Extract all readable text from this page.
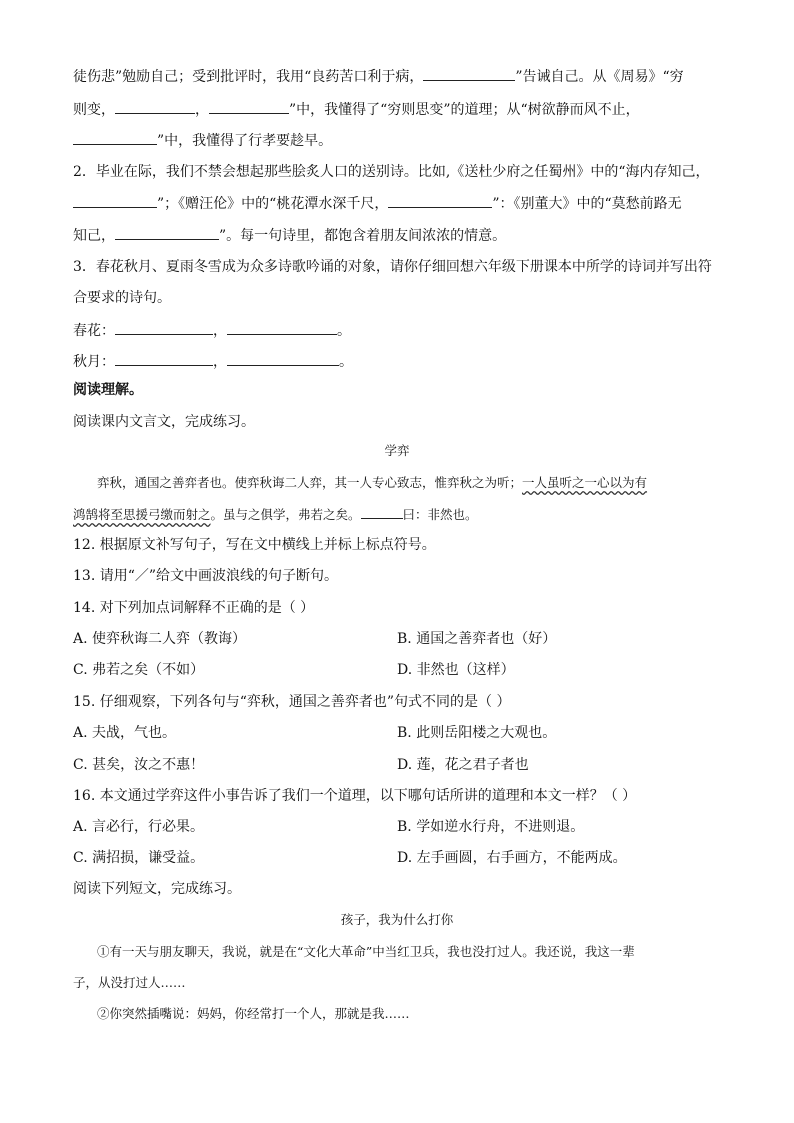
徒伤悲”勉励自己；受到批评时，我用“良药苦口利于病，	”告诫自己。从《周易》“穷
则变，	，	”中，我懂得了“穷则思变”的道理；从“树欲静而风不止，
”中，我懂得了行孝要趁早。
2．毕业在际，我们不禁会想起那些脍炙人口的送别诗。比如,《送杜少府之任蜀州》中的“海内存知己，
”；《赠汪伦》中的“桃花潭水深千尺，	”：《别董大》中的“莫愁前路无
知己，	”。每一句诗里，都饱含着朋友间浓浓的情意。
3．春花秋月、夏雨冬雪成为众多诗歌吟诵的对象，请你仔细回想六年级下册课本中所学的诗词并写出符
合要求的诗句。
春花：	，	。
秋月：	，	。
阅读理解。
阅读课内文言文，完成练习。
学弈
弈秋，通国之善弈者也。使弈秋诲二人弈，其一人专心致志，惟弈秋之为听；一人虽听之一心以为有
鸿鹄将至思援弓缴而射之。虽与之俱学，弗若之矣。	曰：非然也。
12. 根据原文补写句子，写在文中横线上并标上标点符号。
13. 请用“／”给文中画波浪线的句子断句。
14. 对下列加点词解释不正确的是（ ）
A. 使弈秋诲二人弈（教诲）	B. 通国之善弈者也（好）
C. 弗若之矣（不如）	D. 非然也（这样）
15. 仔细观察，下列各句与“弈秋，通国之善弈者也”句式不同的是（ ）
A. 夫战，气也。	B. 此则岳阳楼之大观也。
C. 甚矣，汝之不惠！	D. 莲，花之君子者也
16. 本文通过学弈这件小事告诉了我们一个道理，以下哪句话所讲的道理和本文一样？（ ）
A. 言必行，行必果。	B. 学如逆水行舟，不进则退。
C. 满招损，谦受益。	D. 左手画圆，右手画方，不能两成。
阅读下列短文，完成练习。
孩子，我为什么打你
①有一天与朋友聊天，我说，就是在“文化大革命”中当红卫兵，我也没打过人。我还说，我这一辈
子，从没打过人……
②你突然插嘴说：妈妈，你经常打一个人，那就是我……
